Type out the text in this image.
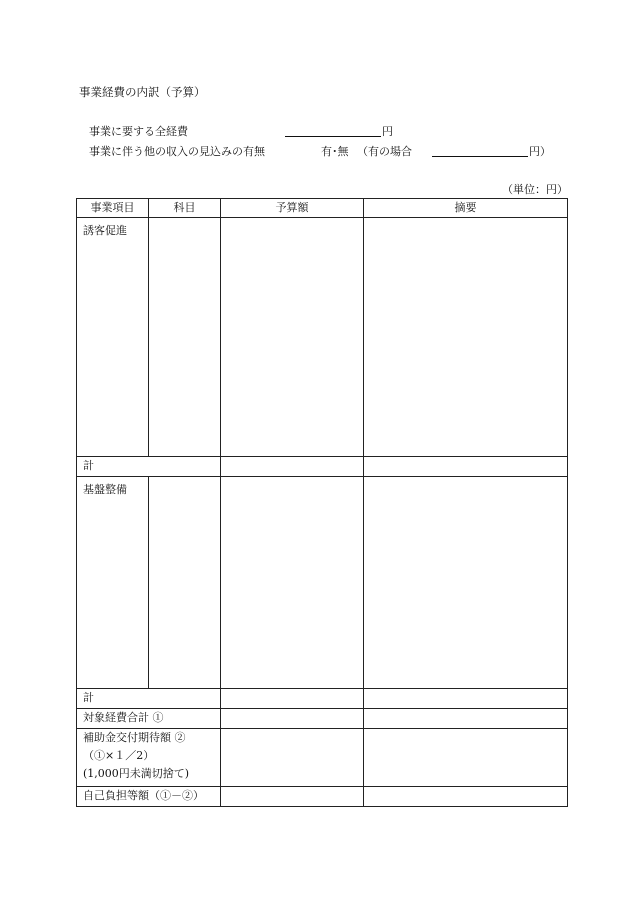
事業経費の内訳（予算）
事業に要する全経費	円
事業に伴う他の収入の見込みの有無	有･無 （有の場合	円）
（単位：円）
事業項目	科目	予算額	摘要
誘客促進			
計			
基盤整備			
計			
対象経費合計 ①			

補助金交付期待額 ②
（①×１／2）
(1,000円未満切捨て)			

自己負担等額（①－②）			
